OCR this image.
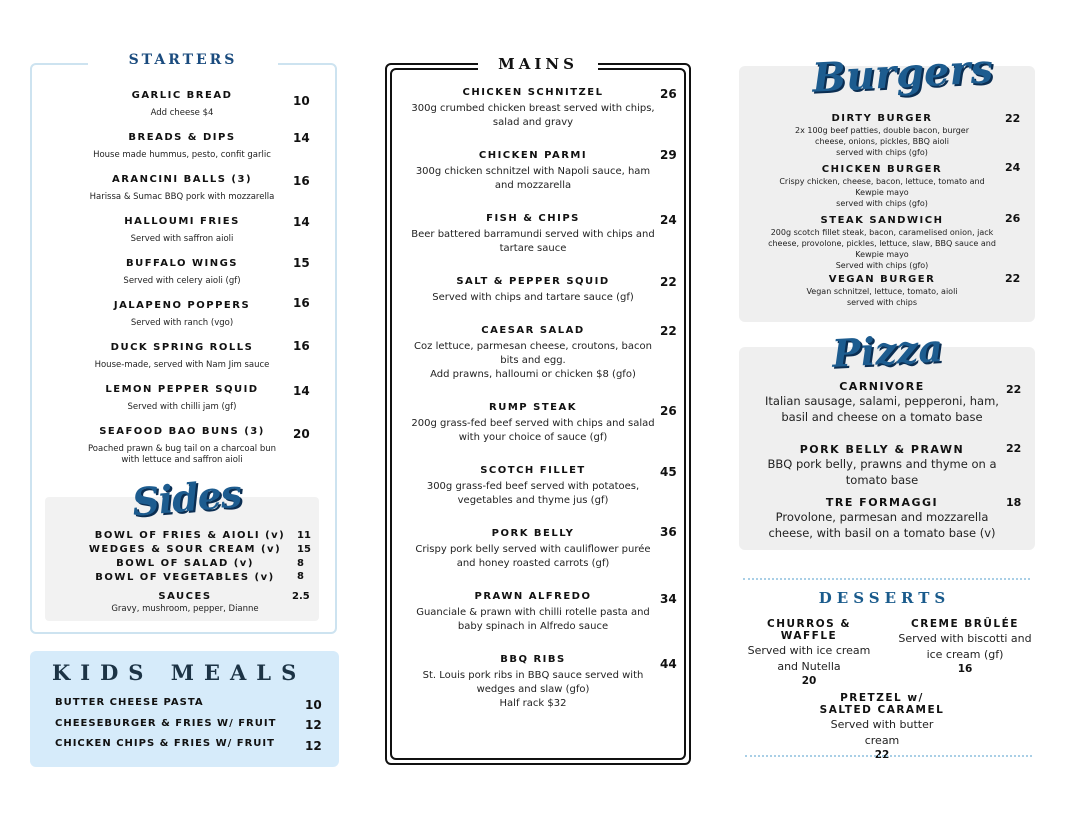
STARTERS
GARLIC BREAD
Add cheese $4
10
BREADS & DIPS
House made hummus, pesto, confit garlic
14
ARANCINI BALLS (3)
Harissa & Sumac BBQ pork with mozzarella
16
HALLOUMI FRIES
Served with saffron aioli
14
BUFFALO WINGS
Served with celery aioli (gf)
15
JALAPENO POPPERS
Served with ranch (vgo)
16
DUCK SPRING ROLLS
House-made, served with Nam Jim sauce
16
LEMON PEPPER SQUID
Served with chilli jam (gf)
14
SEAFOOD BAO BUNS (3)
Poached prawn & bug tail on a charcoal bun with lettuce and saffron aioli
20
Sides
BOWL OF FRIES & AIOLI (v)	11
WEDGES & SOUR CREAM (v)	15
BOWL OF SALAD (v)	8
BOWL OF VEGETABLES (v)	8
SAUCES
Gravy, mushroom, pepper, Dianne
2.5
KIDS MEALS
BUTTER CHEESE PASTA	10
CHEESEBURGER & FRIES W/ FRUIT 12
CHICKEN CHIPS & FRIES W/ FRUIT	12
MAINS
CHICKEN SCHNITZEL
300g crumbed chicken breast served with chips, salad and gravy
26
CHICKEN PARMI
300g chicken schnitzel with Napoli sauce, ham and mozzarella
29
FISH & CHIPS
Beer battered barramundi served with chips and tartare sauce
24
SALT & PEPPER SQUID
Served with chips and tartare sauce (gf)
22
CAESAR SALAD
Coz lettuce, parmesan cheese, croutons, bacon bits and egg.
Add prawns, halloumi or chicken $8 (gfo)
22
RUMP STEAK
200g grass-fed beef served with chips and salad with your choice of sauce (gf)
26
SCOTCH FILLET
300g grass-fed beef served with potatoes, vegetables and thyme jus (gf)
45
PORK BELLY
Crispy pork belly served with cauliflower purée and honey roasted carrots (gf)
36
PRAWN ALFREDO
Guanciale & prawn with chilli rotelle pasta and baby spinach in Alfredo sauce
34
BBQ RIBS
St. Louis pork ribs in BBQ sauce served with wedges and slaw (gfo)
Half rack $32
44
Burgers
DIRTY BURGER
2x 100g beef patties, double bacon, burger cheese, onions, pickles, BBQ aioli
served with chips (gfo)
22
CHICKEN BURGER
Crispy chicken, cheese, bacon, lettuce, tomato and Kewpie mayo
served with chips (gfo)
24
STEAK SANDWICH
200g scotch fillet steak, bacon, caramelised onion, jack cheese, provolone, pickles, lettuce, slaw, BBQ sauce and Kewpie mayo
Served with chips (gfo)
26
VEGAN BURGER
Vegan schnitzel, lettuce, tomato, aioli
served with chips
22
Pizza
CARNIVORE
Italian sausage, salami, pepperoni, ham, basil and cheese on a tomato base
22
PORK BELLY & PRAWN
BBQ pork belly, prawns and thyme on a tomato base
22
TRE FORMAGGI
Provolone, parmesan and mozzarella cheese, with basil on a tomato base (v)
18
DESSERTS
CHURROS & WAFFLE
Served with ice cream and Nutella
20
CREME BRÛLÉE
Served with biscotti and ice cream (gf)
16
PRETZEL w/ SALTED CARAMEL
Served with butter cream
22
